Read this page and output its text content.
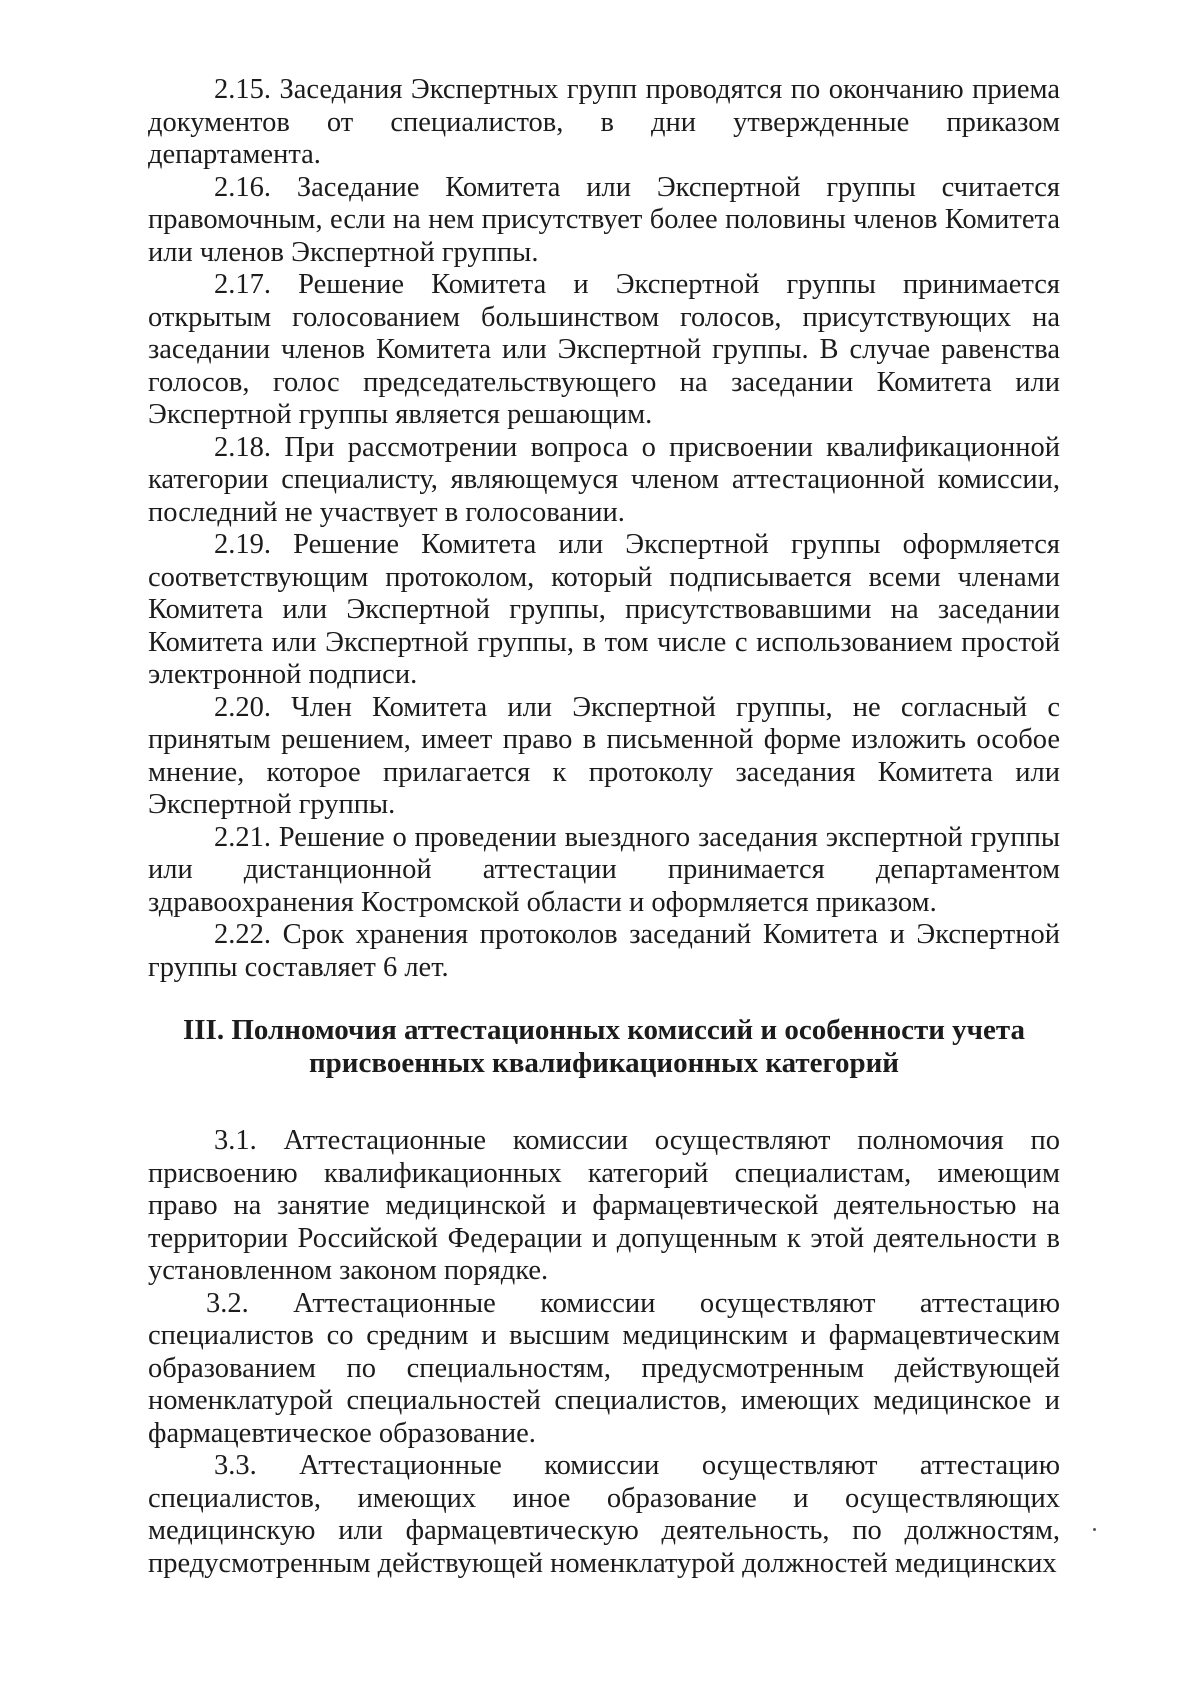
2.15. Заседания Экспертных групп проводятся по окончанию приема документов от специалистов, в дни утвержденные приказом департамента.

2.16. Заседание Комитета или Экспертной группы считается правомочным, если на нем присутствует более половины членов Комитета или членов Экспертной группы.

2.17. Решение Комитета и Экспертной группы принимается открытым голосованием большинством голосов, присутствующих на заседании членов Комитета или Экспертной группы. В случае равенства голосов, голос председательствующего на заседании Комитета или Экспертной группы является решающим.

2.18. При рассмотрении вопроса о присвоении квалификационной категории специалисту, являющемуся членом аттестационной комиссии, последний не участвует в голосовании.

2.19. Решение Комитета или Экспертной группы оформляется соответствующим протоколом, который подписывается всеми членами Комитета или Экспертной группы, присутствовавшими на заседании Комитета или Экспертной группы, в том числе с использованием простой электронной подписи.

2.20. Член Комитета или Экспертной группы, не согласный с принятым решением, имеет право в письменной форме изложить особое мнение, которое прилагается к протоколу заседания Комитета или Экспертной группы.

2.21. Решение о проведении выездного заседания экспертной группы или дистанционной аттестации принимается департаментом здравоохранения Костромской области и оформляется приказом.

2.22. Срок хранения протоколов заседаний Комитета и Экспертной группы составляет 6 лет.

III. Полномочия аттестационных комиссий и особенности учета присвоенных квалификационных категорий

3.1. Аттестационные комиссии осуществляют полномочия по присвоению квалификационных категорий специалистам, имеющим право на занятие медицинской и фармацевтической деятельностью на территории Российской Федерации и допущенным к этой деятельности в установленном законом порядке.

3.2. Аттестационные комиссии осуществляют аттестацию специалистов со средним и высшим медицинским и фармацевтическим образованием по специальностям, предусмотренным действующей номенклатурой специальностей специалистов, имеющих медицинское и фармацевтическое образование.

3.3. Аттестационные комиссии осуществляют аттестацию специалистов, имеющих иное образование и осуществляющих медицинскую или фармацевтическую деятельность, по должностям, предусмотренным действующей номенклатурой должностей медицинских
